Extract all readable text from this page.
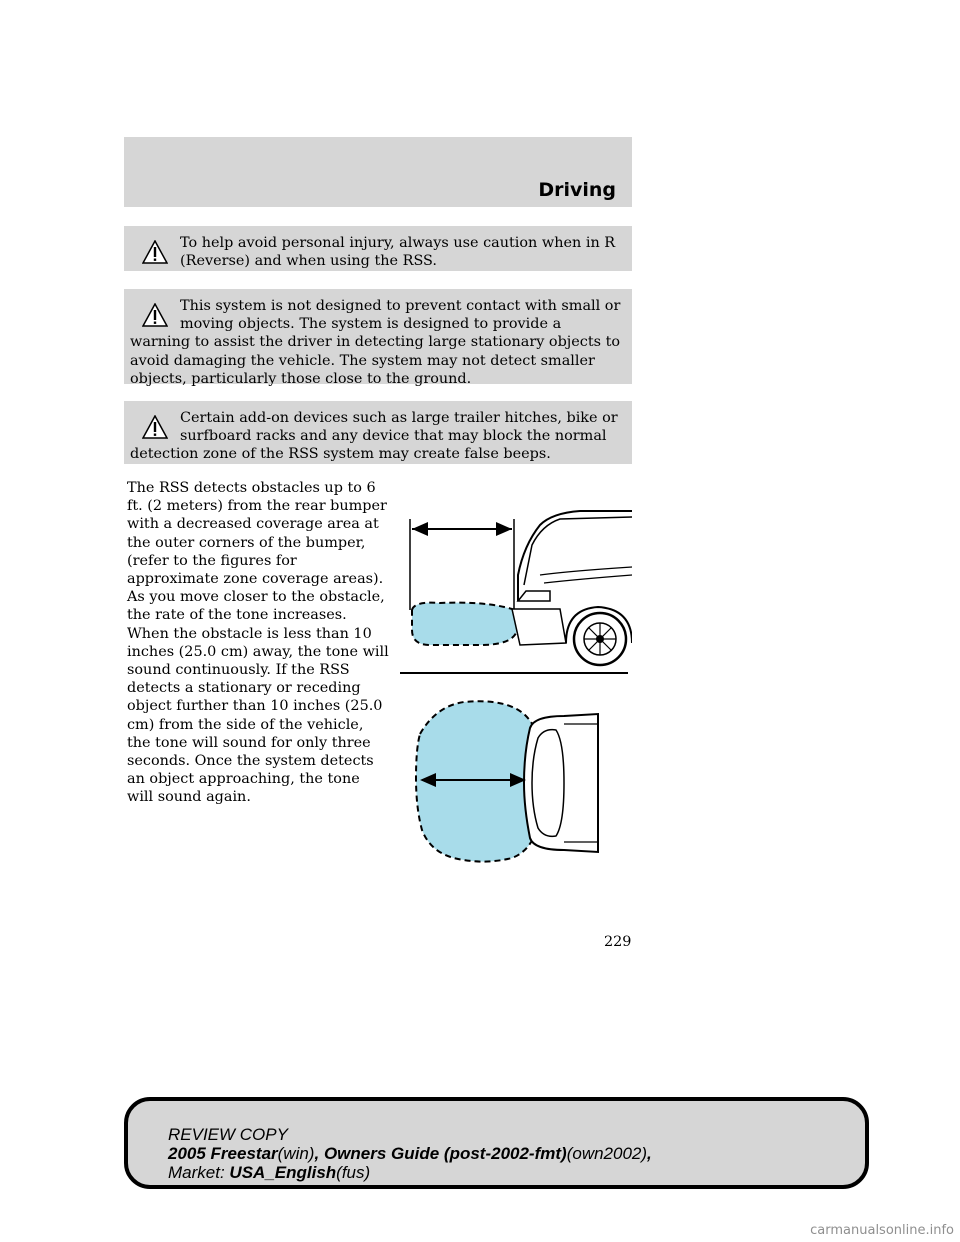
Driving
To help avoid personal injury, always use caution when in R (Reverse) and when using the RSS.
This system is not designed to prevent contact with small or moving objects. The system is designed to provide a warning to assist the driver in detecting large stationary objects to avoid damaging the vehicle. The system may not detect smaller objects, particularly those close to the ground.
Certain add-on devices such as large trailer hitches, bike or surfboard racks and any device that may block the normal detection zone of the RSS system may create false beeps.
The RSS detects obstacles up to 6 ft. (2 meters) from the rear bumper with a decreased coverage area at the outer corners of the bumper, (refer to the figures for approximate zone coverage areas). As you move closer to the obstacle, the rate of the tone increases. When the obstacle is less than 10 inches (25.0 cm) away, the tone will sound continuously. If the RSS detects a stationary or receding object further than 10 inches (25.0 cm) from the side of the vehicle, the tone will sound for only three seconds. Once the system detects an object approaching, the tone will sound again.
229
REVIEW COPY
2005 Freestar(win), Owners Guide (post-2002-fmt)(own2002),
Market: USA_English(fus)
carmanualsonline.info
